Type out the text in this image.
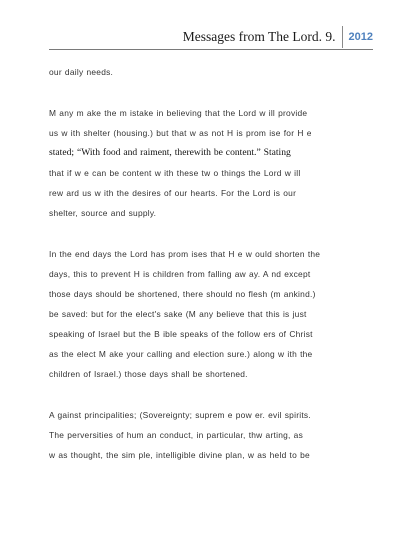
Messages from The Lord. 9.	2012

our daily needs.

M any m ake the m istake in believing that the Lord w ill provide
us w ith shelter (housing.) but that w as not H is prom ise for H e
stated; “With food and raiment, therewith be content.” Stating
that if w e can be content w ith these tw o things the Lord w ill
rew ard us w ith the desires of our hearts. For the Lord is our
shelter, source and supply.

In the end days the Lord has prom ises that H e w ould shorten the
days, this to prevent H is children from falling aw ay. A nd except
those days should be shortened, there should no flesh (m ankind.)
be saved: but for the elect's sake (M any believe that this is just
speaking of Israel but the B ible speaks of the follow ers of Christ
as the elect M ake your calling and election sure.) along w ith the
children of Israel.) those days shall be shortened.

A gainst principalities; (Sovereignty; suprem e pow er. evil spirits.
The perversities of hum an conduct, in particular, thw arting, as
w as thought, the sim ple, intelligible divine plan, w as held to be
